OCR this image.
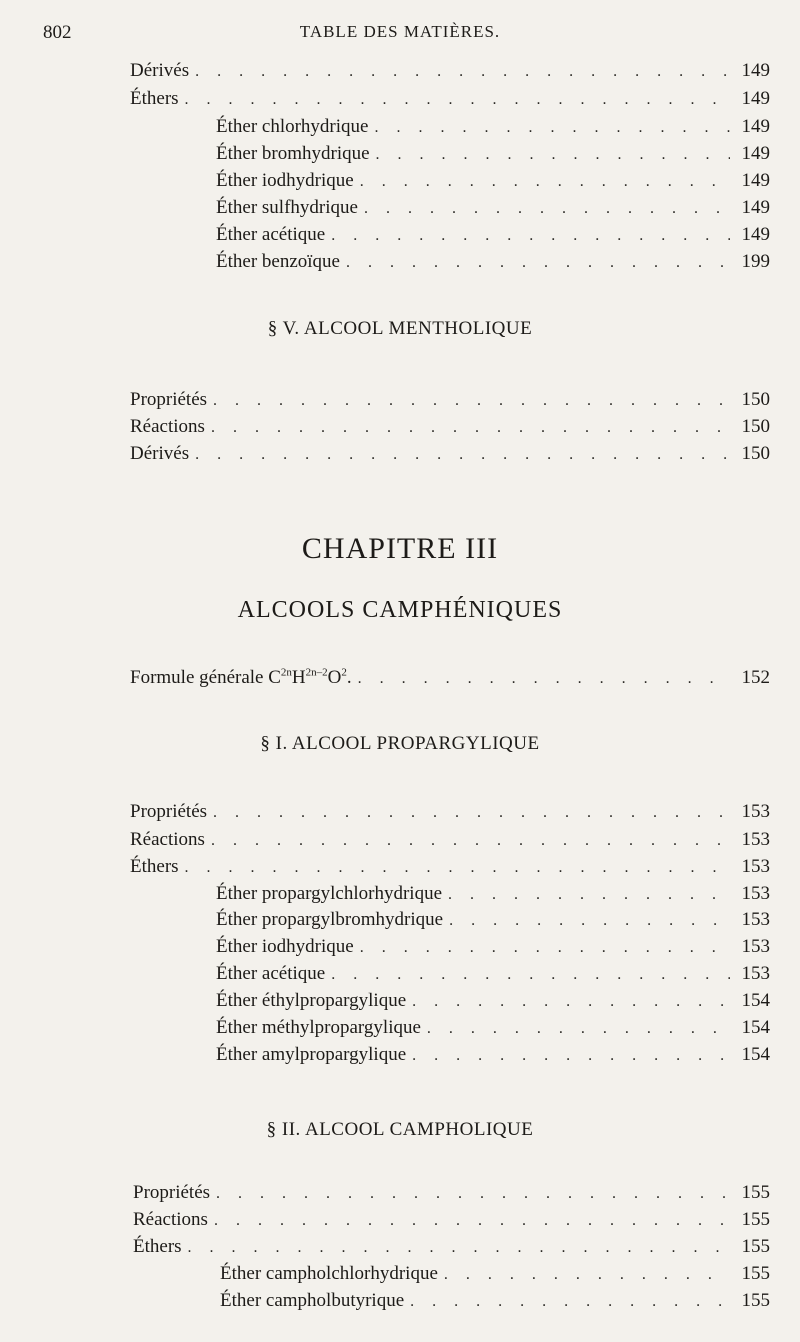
802	TABLE DES MATIÈRES.
Dérivés . . .	149
Éthers . . .	149
Éther chlorhydrique . . .	149
Éther bromhydrique . . .	149
Éther iodhydrique . . .	149
Éther sulfhydrique . . .	149
Éther acétique . . .	149
Éther benzoïque . . .	199
§ V. ALCOOL MENTHOLIQUE
Propriétés . . .	150
Réactions . . .	150
Dérivés . . .	150
CHAPITRE III
ALCOOLS CAMPHÉNIQUES
Formule générale $C^{2n}H^{2n-2}O^2$. . . .	152
§ I. ALCOOL PROPARGYLIQUE
Propriétés . . .	153
Réactions . . .	153
Éthers . . .	153
Éther propargylchlorhydrique . . .	153
Éther propargylbromhydrique . . .	153
Éther iodhydrique . . .	153
Éther acétique . . .	153
Éther éthylpropargylique . . .	154
Éther méthylpropargylique . . .	154
Éther amylpropargylique . . .	154
§ II. ALCOOL CAMPHOLIQUE
Propriétés . . .	155
Réactions . . .	155
Éthers . . .	155
Éther campholchlorhydrique . . .	155
Éther campholbutyrique . . .	155
